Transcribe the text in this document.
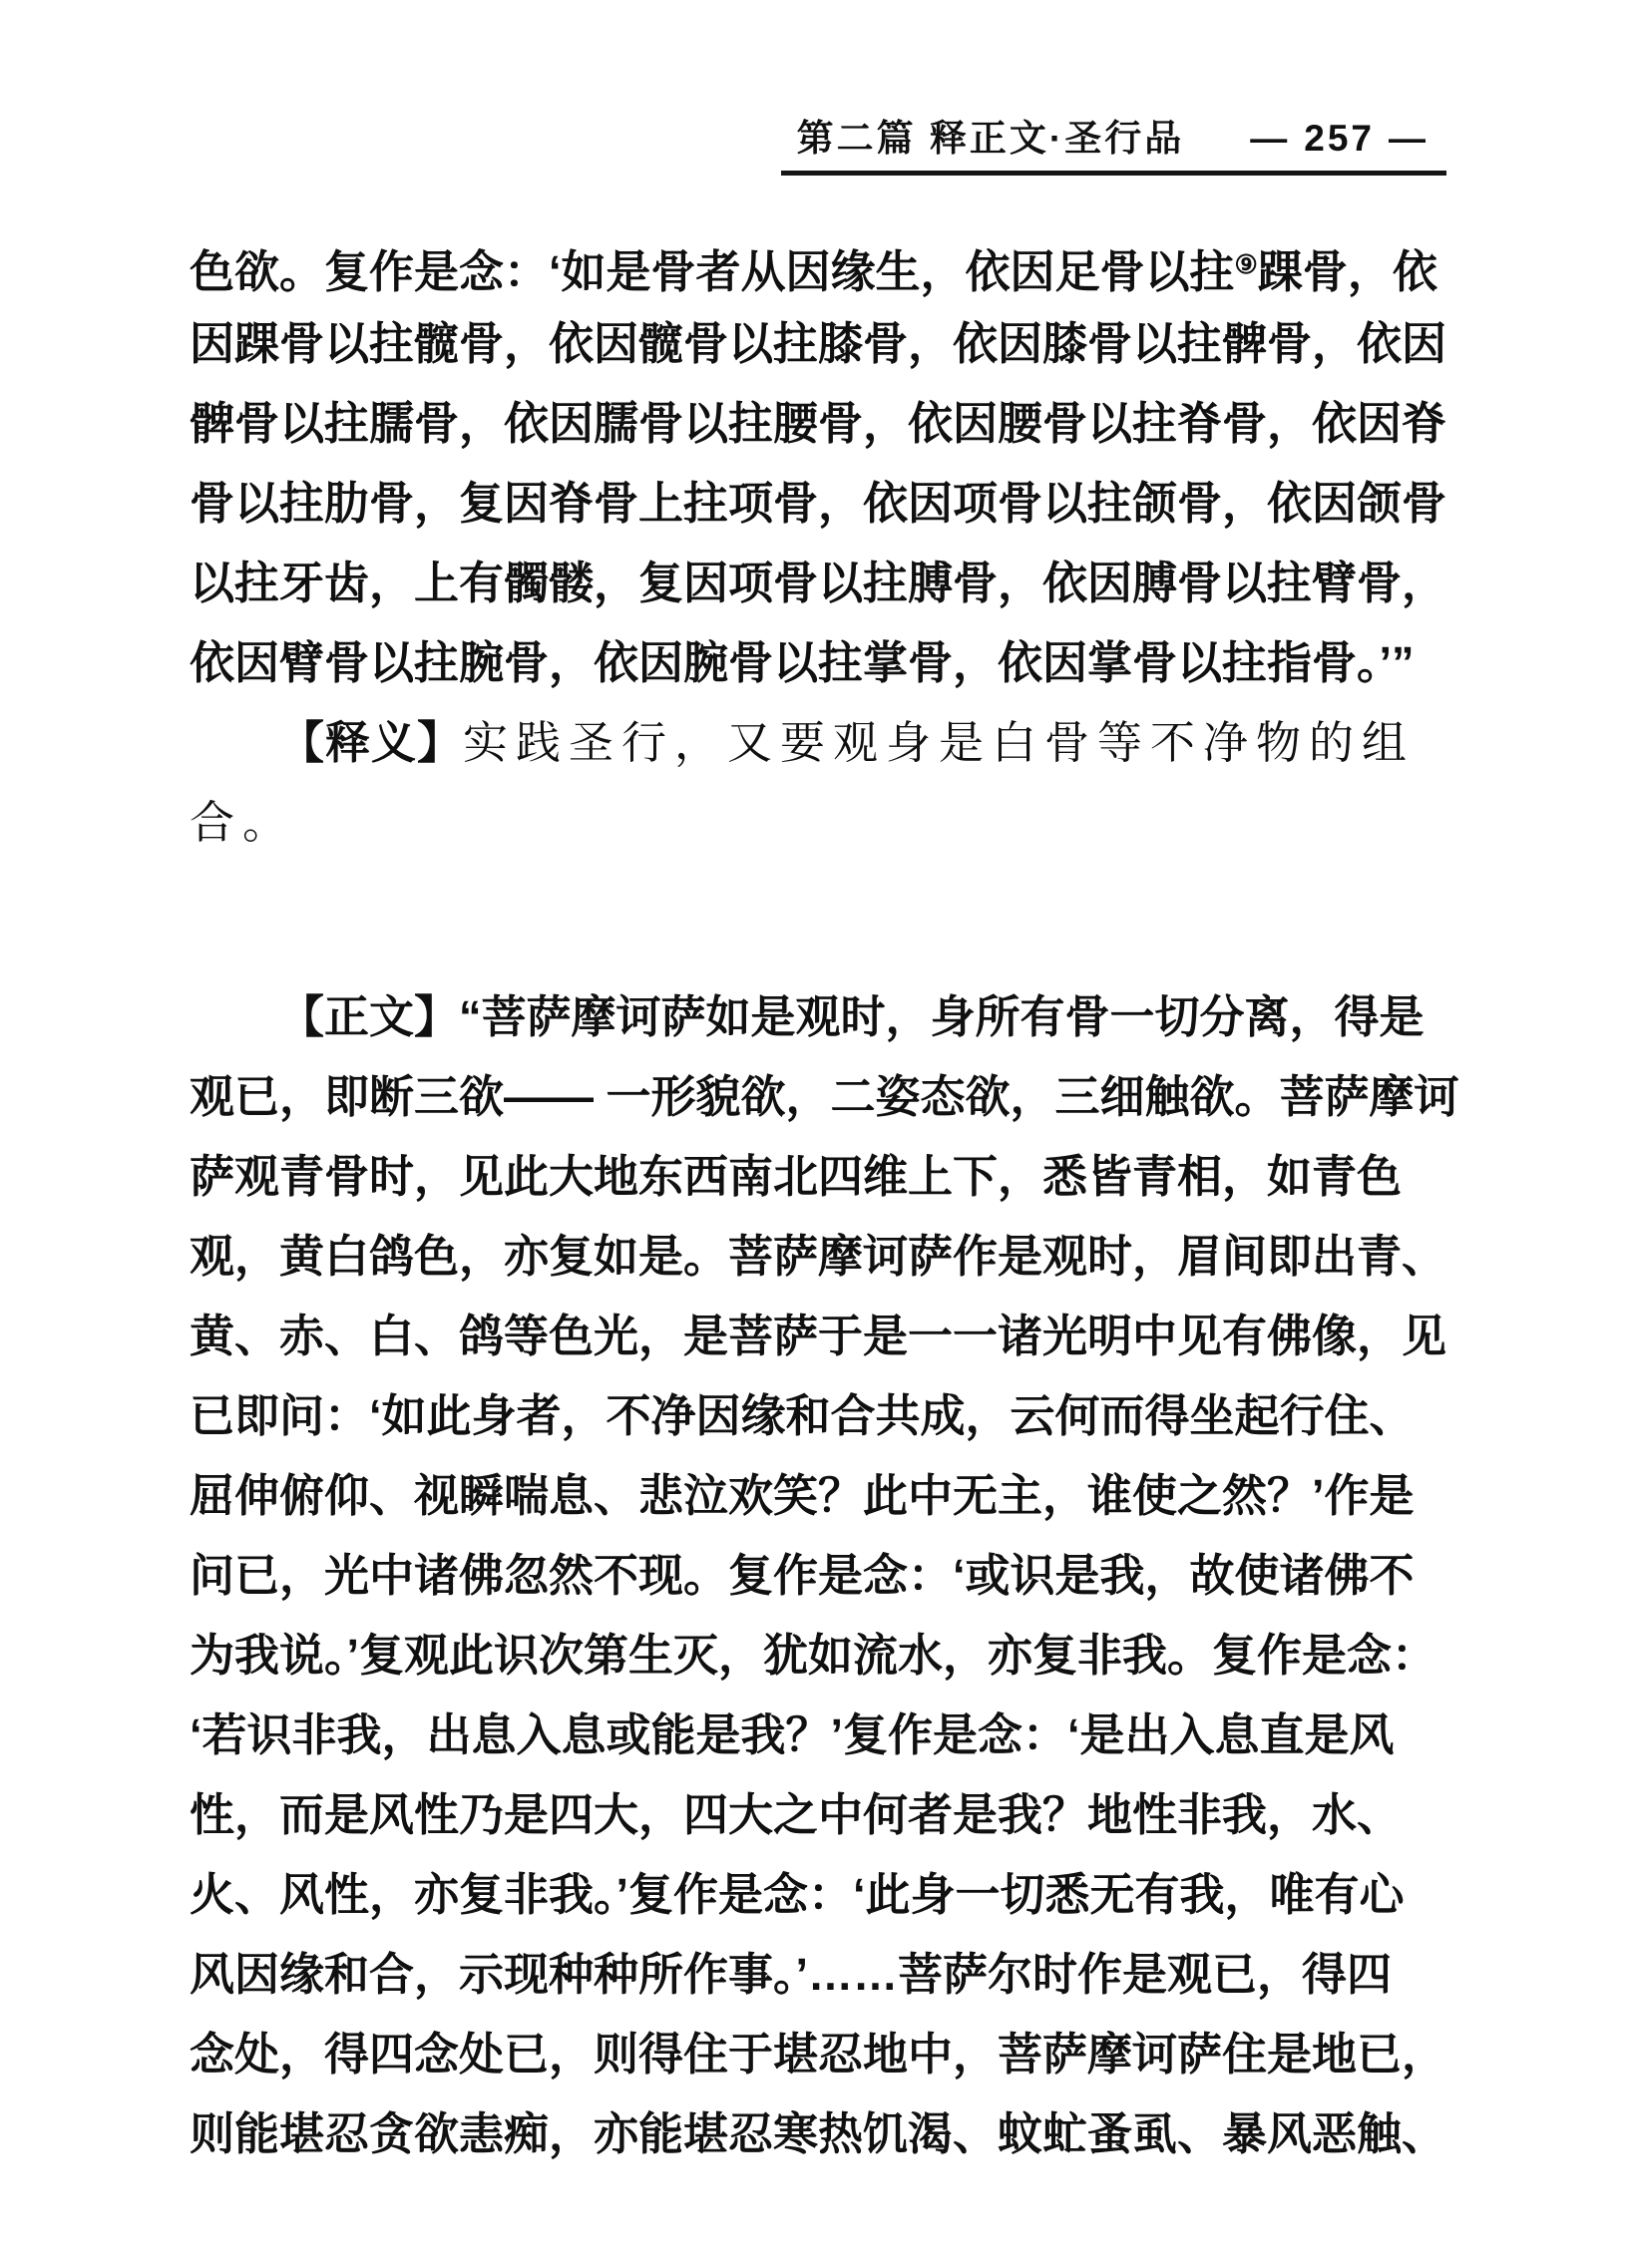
第二篇 释正文·圣行品 — 257 —
色欲。复作是念：‘如是骨者从因缘生，依因足骨以拄⑨踝骨，依
因踝骨以拄髋骨，依因髋骨以拄膝骨，依因膝骨以拄髀骨，依因
髀骨以拄臑骨，依因臑骨以拄腰骨，依因腰骨以拄脊骨，依因脊
骨以拄肋骨，复因脊骨上拄项骨，依因项骨以拄颌骨，依因颌骨
以拄牙齿，上有髑髅，复因项骨以拄膊骨，依因膊骨以拄臂骨，
依因臂骨以拄腕骨，依因腕骨以拄掌骨，依因掌骨以拄指骨。’”
【释义】实践圣行，又要观身是白骨等不净物的组
合。
【正文】“菩萨摩诃萨如是观时，身所有骨一切分离，得是
观已，即断三欲—— 一形貌欲，二姿态欲，三细触欲。菩萨摩诃
萨观青骨时，见此大地东西南北四维上下，悉皆青相，如青色
观，黄白鸽色，亦复如是。菩萨摩诃萨作是观时，眉间即出青、
黄、赤、白、鸽等色光，是菩萨于是一一诸光明中见有佛像，见
已即问：‘如此身者，不净因缘和合共成，云何而得坐起行住、
屈伸俯仰、视瞬喘息、悲泣欢笑？此中无主，谁使之然？’作是
问已，光中诸佛忽然不现。复作是念：‘或识是我，故使诸佛不
为我说。’复观此识次第生灭，犹如流水，亦复非我。复作是念：
‘若识非我，出息入息或能是我？’复作是念：‘是出入息直是风
性，而是风性乃是四大，四大之中何者是我？地性非我，水、
火、风性，亦复非我。’复作是念：‘此身一切悉无有我，唯有心
风因缘和合，示现种种所作事。’……菩萨尔时作是观已，得四
念处，得四念处已，则得住于堪忍地中，菩萨摩诃萨住是地已，
则能堪忍贪欲恚痴，亦能堪忍寒热饥渴、蚊虻蚤虱、暴风恶触、
